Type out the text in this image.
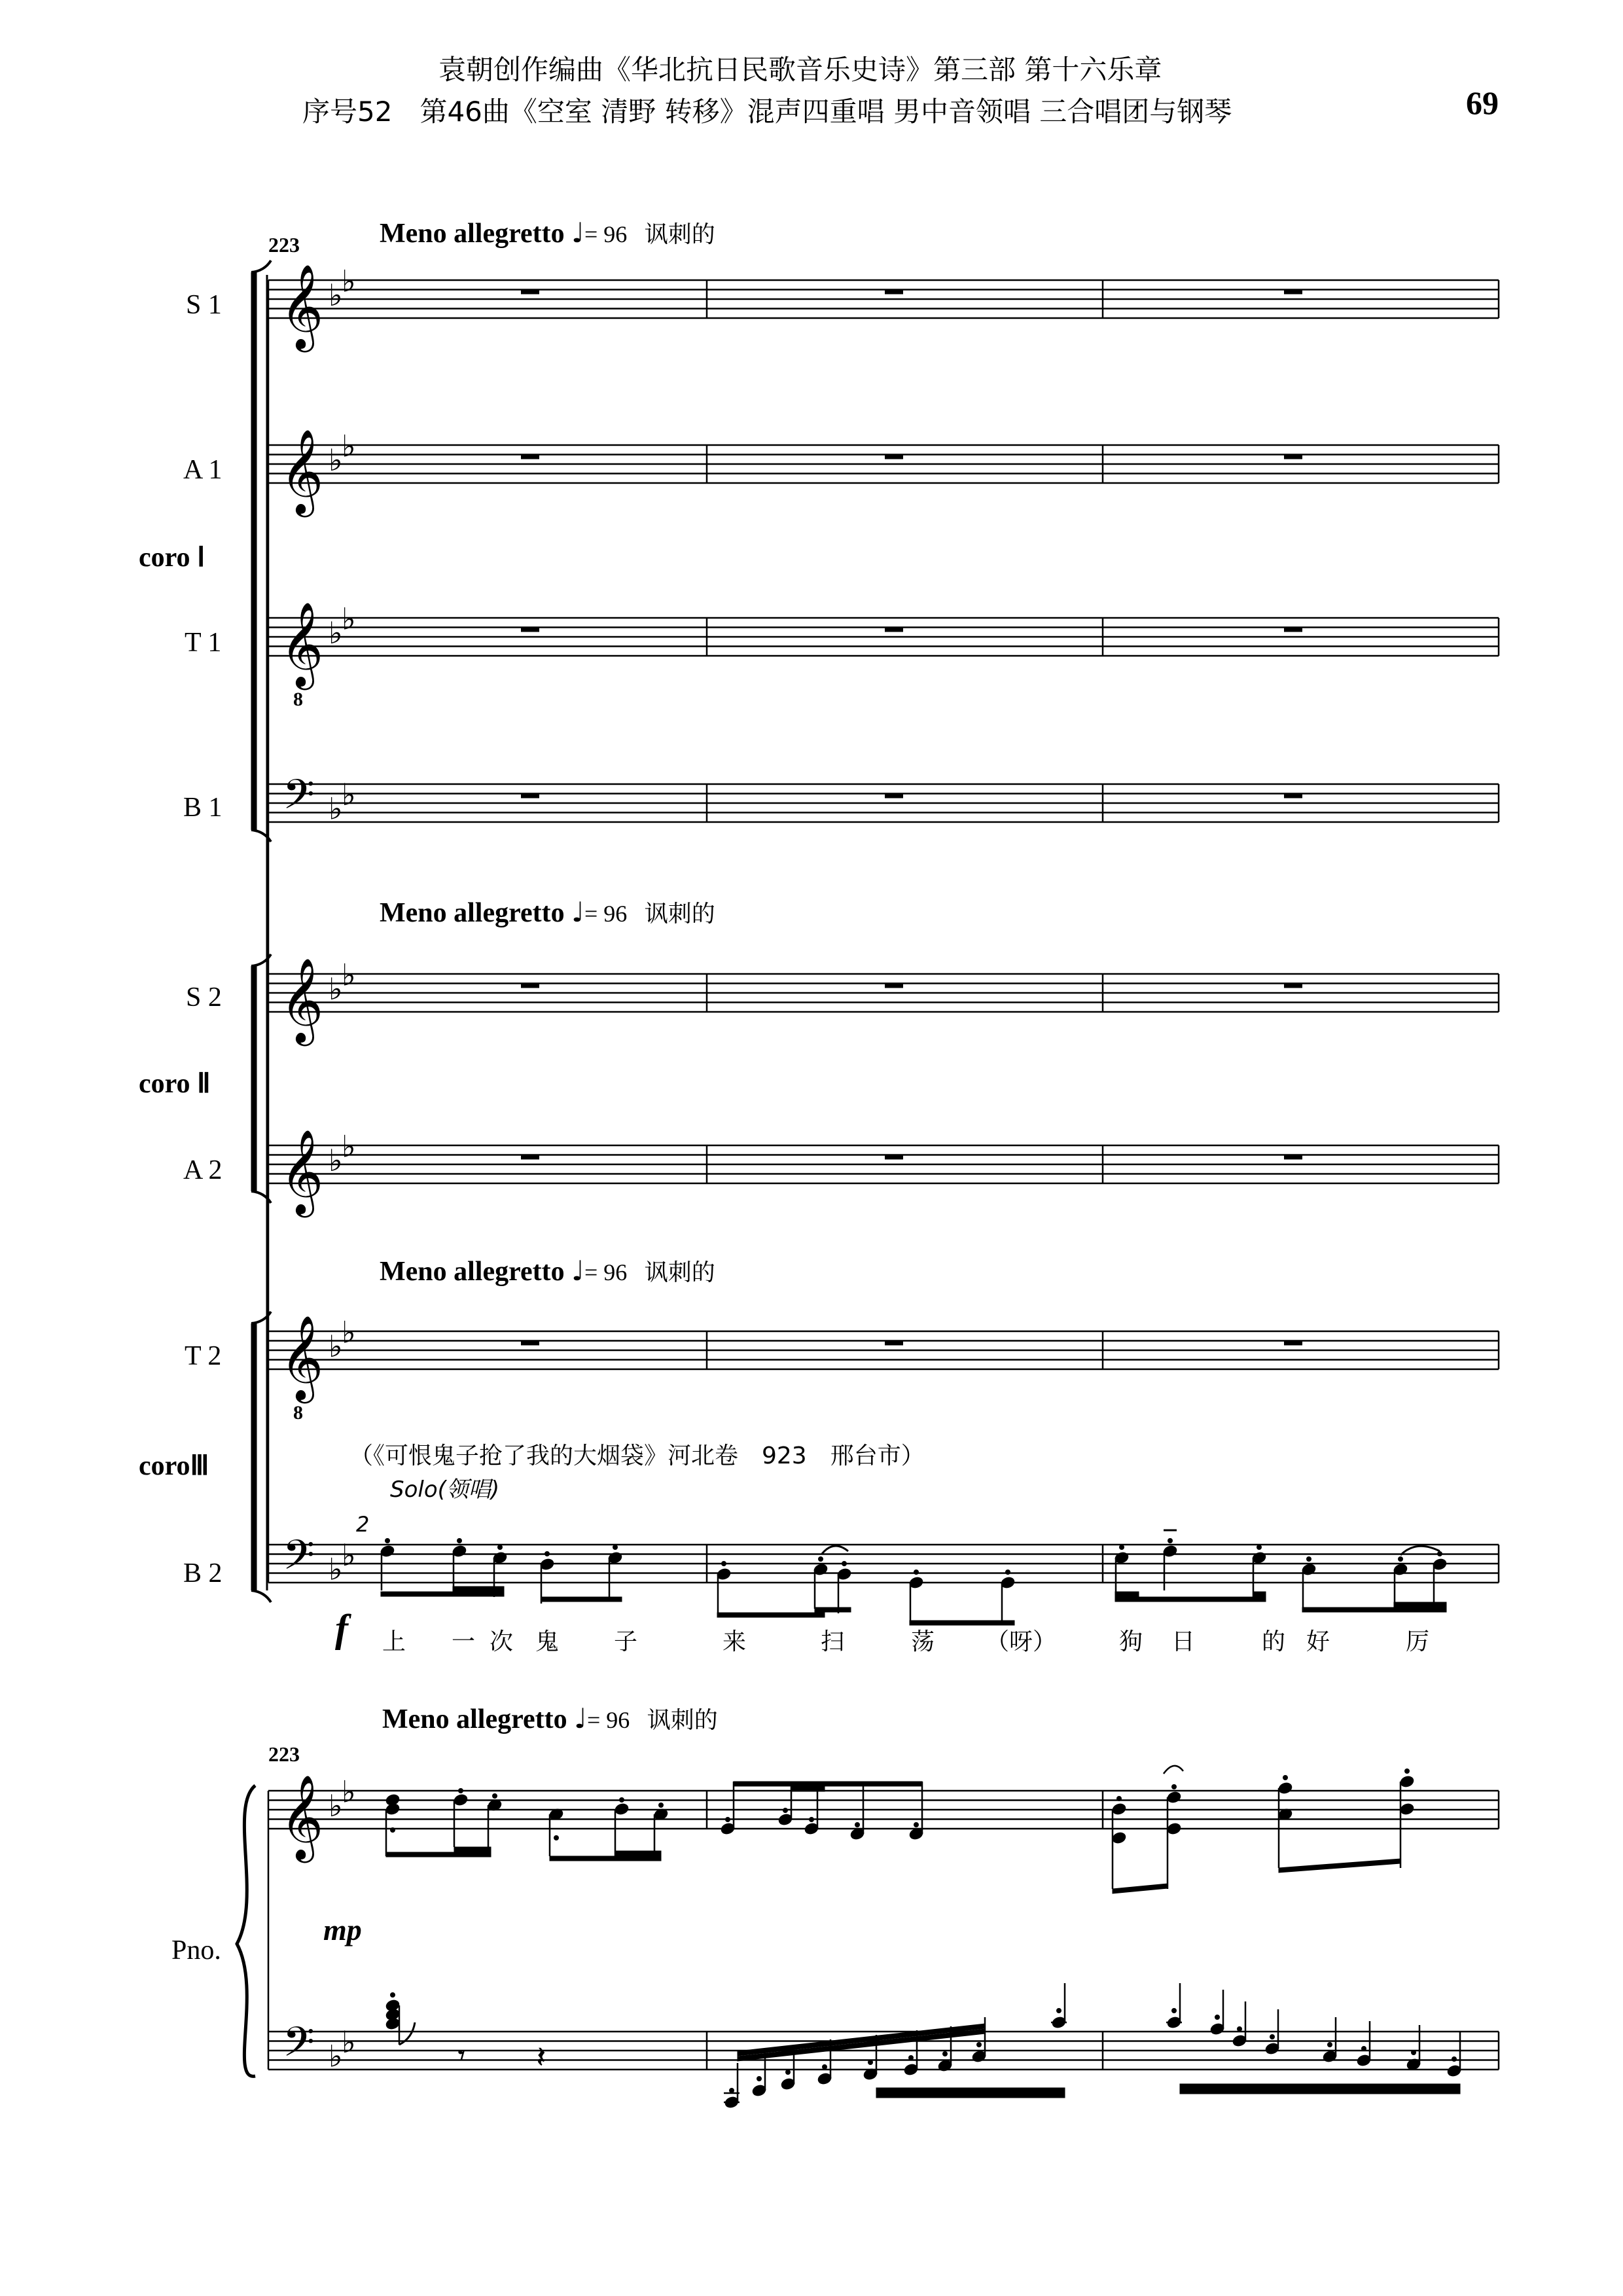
袁朝创作编曲《华北抗日民歌音乐史诗》第三部 第十六乐章
序号52　第46曲《空室 清野 转移》混声四重唱 男中音领唱 三合唱团与钢琴	69
Meno allegretto ♩= 96 讽刺的
Meno allegretto ♩= 96 讽刺的
Meno allegretto ♩= 96 讽刺的
Meno allegretto ♩= 96 讽刺的
223
223
S 1
A 1
coro Ⅰ
T 1
B 1
S 2
coro Ⅱ
A 2
T 2
coroⅢ
B 2
Pno.
8
8
（《可恨鬼子抢了我的大烟袋》河北卷　923　邢台市）
Solo(领唱)
2
f
mp
上 一 次 鬼 子	来	扫	荡 （呀）	狗 日	的 好	厉
𝄞 ♭
♭
𝄞 ♭
♭
𝄞 ♭
♭
𝄢 ♭
♭
𝄞 ♭
♭
𝄞 ♭
♭
𝄞 ♭
♭
𝄢 ♭
♭
𝄞 ♭
♭
𝄢 ♭
♭	𝄾 𝄽
